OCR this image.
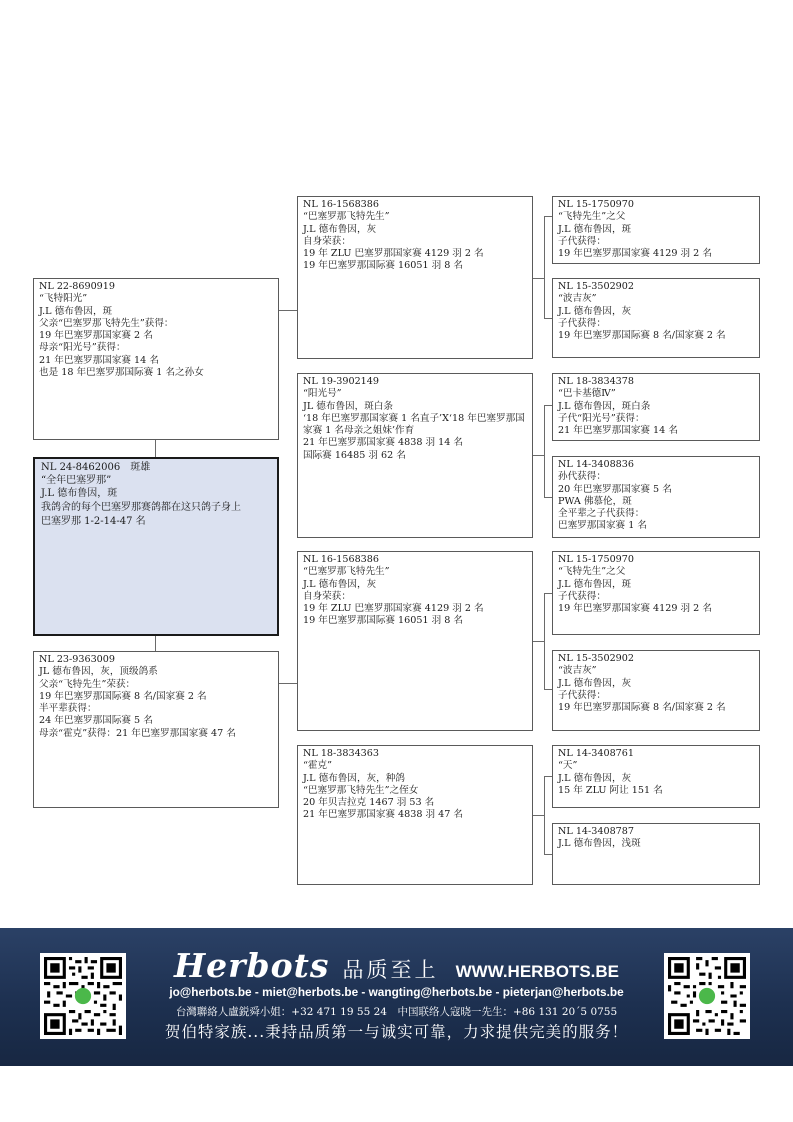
NL 22-8690919
“飞特阳光”
J.L 德布鲁因，斑
父亲“巴塞罗那飞特先生”获得：
19 年巴塞罗那国家赛 2 名
母亲“阳光号”获得：
21 年巴塞罗那国家赛 14 名
也是 18 年巴塞罗那国际赛 1 名之孙女
NL 24-8462006　斑雄
“全年巴塞罗那”
J.L 德布鲁因，斑
我鸽舍的每个巴塞罗那赛鸽都在这只鸽子身上
巴塞罗那 1-2-14-47 名
NL 23-9363009
JL 德布鲁因，灰，顶级鸽系
父亲“飞特先生”荣获：
19 年巴塞罗那国际赛 8 名/国家赛 2 名
半平辈获得：
24 年巴塞罗那国际赛 5 名
母亲“霍克”获得：21 年巴塞罗那国家赛 47 名
NL 16-1568386
“巴塞罗那飞特先生”
J.L 德布鲁因，灰
自身荣获：
19 年 ZLU 巴塞罗那国家赛 4129 羽 2 名
19 年巴塞罗那国际赛 16051 羽 8 名
NL 19-3902149
“阳光号”
JL 德布鲁因，斑白条
‘18 年巴塞罗那国家赛 1 名直子’X‘18 年巴塞罗那国家赛 1 名母亲之姐妹’作育
21 年巴塞罗那国家赛 4838 羽 14 名
国际赛 16485 羽 62 名
NL 16-1568386
“巴塞罗那飞特先生”
J.L 德布鲁因，灰
自身荣获：
19 年 ZLU 巴塞罗那国家赛 4129 羽 2 名
19 年巴塞罗那国际赛 16051 羽 8 名
NL 18-3834363
“霍克”
J.L 德布鲁因，灰，种鸽
“巴塞罗那飞特先生”之侄女
20 年贝吉拉克 1467 羽 53 名
21 年巴塞罗那国家赛 4838 羽 47 名
NL 15-1750970
“飞特先生”之父
J.L 德布鲁因，斑
子代获得：
19 年巴塞罗那国家赛 4129 羽 2 名
NL 15-3502902
“波吉灰”
J.L 德布鲁因，灰
子代获得：
19 年巴塞罗那国际赛 8 名/国家赛 2 名
NL 18-3834378
“巴卡基德Ⅳ”
J.L 德布鲁因，斑白条
子代“阳光号”获得：
21 年巴塞罗那国家赛 14 名
NL 14-3408836
孙代获得：
20 年巴塞罗那国家赛 5 名
PWA 佛慕伦，斑
全平辈之子代获得：
巴塞罗那国家赛 1 名
NL 15-1750970
“飞特先生”之父
J.L 德布鲁因，斑
子代获得：
19 年巴塞罗那国家赛 4129 羽 2 名
NL 15-3502902
“波吉灰”
J.L 德布鲁因，灰
子代获得：
19 年巴塞罗那国际赛 8 名/国家赛 2 名
NL 14-3408761
“天”
J.L 德布鲁因，灰
15 年 ZLU 阿让 151 名
NL 14-3408787
J.L 德布鲁因，浅斑
Herbots 品质至上 WWW.HERBOTS.BE
jo@herbots.be - miet@herbots.be - wangting@herbots.be - pieterjan@herbots.be
台灣聯絡人盧鋭舜小姐：+32 471 19 55 24　中国联络人寇晓一先生：+86 131 20´5 0755
贺伯特家族...秉持品质第一与诚实可靠，力求提供完美的服务！
